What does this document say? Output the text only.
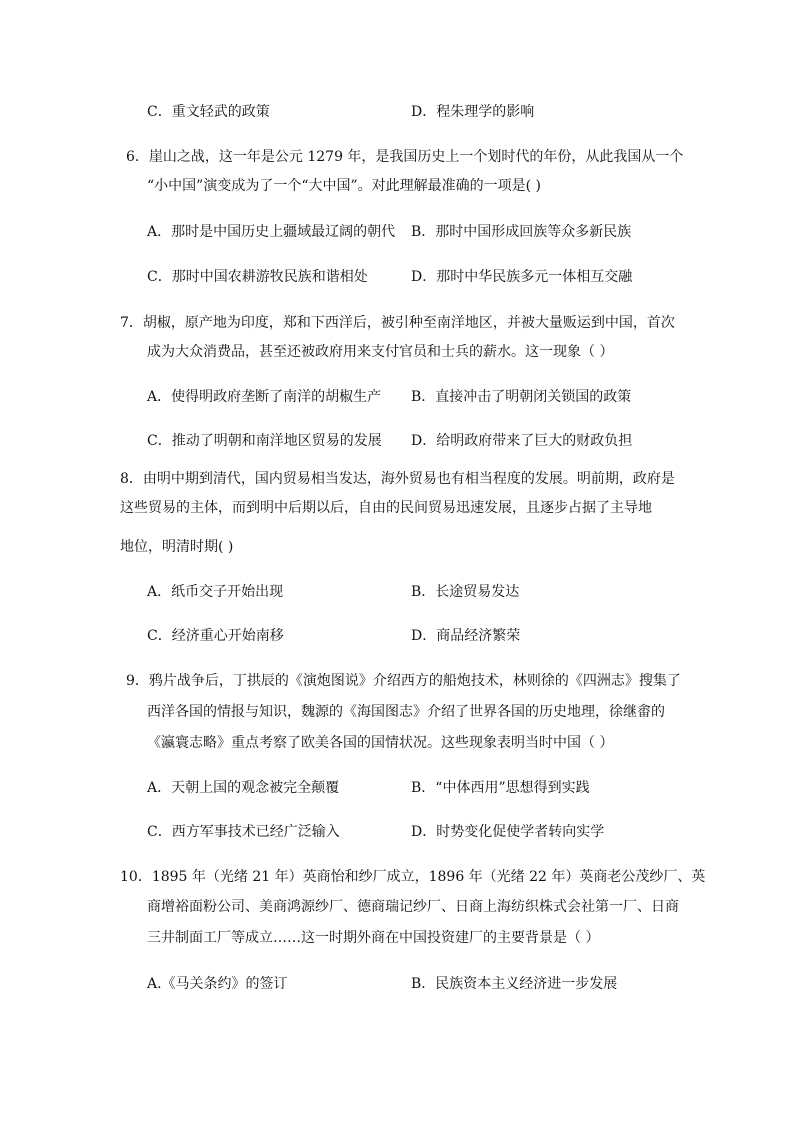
C．重文轻武的政策	D．程朱理学的影响
6．崖山之战，这一年是公元 1279 年，是我国历史上一个划时代的年份，从此我国从一个
“小中国”演变成为了一个“大中国”。对此理解最准确的一项是( )
A．那时是中国历史上疆域最辽阔的朝代 B．那时中国形成回族等众多新民族
C．那时中国农耕游牧民族和谐相处	D．那时中华民族多元一体相互交融
7．胡椒，原产地为印度，郑和下西洋后，被引种至南洋地区，并被大量贩运到中国，首次
成为大众消费品，甚至还被政府用来支付官员和士兵的薪水。这一现象（ ）
A．使得明政府垄断了南洋的胡椒生产 B．直接冲击了明朝闭关锁国的政策
C．推动了明朝和南洋地区贸易的发展 D．给明政府带来了巨大的财政负担
8．由明中期到清代，国内贸易相当发达，海外贸易也有相当程度的发展。明前期，政府是
这些贸易的主体，而到明中后期以后，自由的民间贸易迅速发展，且逐步占据了主导地
地位，明清时期( )
A．纸币交子开始出现	B．长途贸易发达
C．经济重心开始南移	D．商品经济繁荣
9．鸦片战争后，丁拱辰的《演炮图说》介绍西方的船炮技术，林则徐的《四洲志》搜集了
西洋各国的情报与知识，魏源的《海国图志》介绍了世界各国的历史地理，徐继畬的
《瀛寰志略》重点考察了欧美各国的国情状况。这些现象表明当时中国（ ）
A．天朝上国的观念被完全颠覆	B．“中体西用”思想得到实践
C．西方军事技术已经广泛输入	D．时势变化促使学者转向实学
10．1895 年（光绪 21 年）英商怡和纱厂成立，1896 年（光绪 22 年）英商老公茂纱厂、英
商增裕面粉公司、美商鸿源纱厂、德商瑞记纱厂、日商上海纺织株式会社第一厂、日商
三井制面工厂等成立……这一时期外商在中国投资建厂的主要背景是（ ）
A.《马关条约》的签订	B．民族资本主义经济进一步发展
